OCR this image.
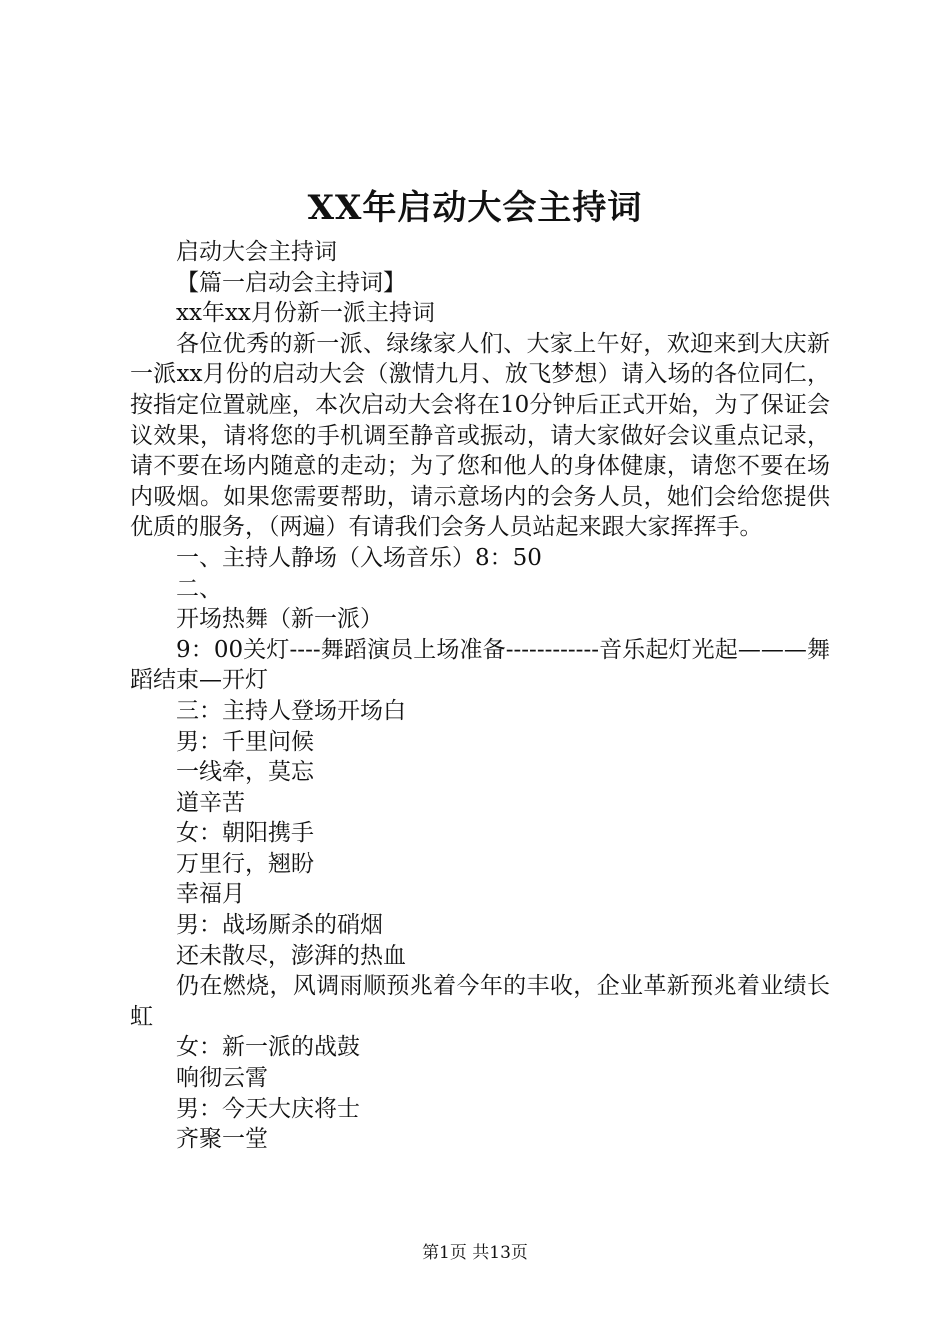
XX年启动大会主持词

启动大会主持词

【篇一启动会主持词】

xx年xx月份新一派主持词

各位优秀的新一派、绿缘家人们、大家上午好，欢迎来到大庆新一派xx月份的启动大会（激情九月、放飞梦想）请入场的各位同仁，按指定位置就座，本次启动大会将在10分钟后正式开始，为了保证会议效果，请将您的手机调至静音或振动，请大家做好会议重点记录，请不要在场内随意的走动；为了您和他人的身体健康，请您不要在场内吸烟。如果您需要帮助，请示意场内的会务人员，她们会给您提供优质的服务，（两遍）有请我们会务人员站起来跟大家挥挥手。

一、主持人静场（入场音乐）8：50

二、

开场热舞（新一派）

9：00关灯----舞蹈演员上场准备------------音乐起灯光起———舞蹈结束—开灯

三：主持人登场开场白

男：千里问候

一线牵，莫忘

道辛苦

女：朝阳携手

万里行，翘盼

幸福月

男：战场厮杀的硝烟

还未散尽，澎湃的热血

仍在燃烧，风调雨顺预兆着今年的丰收，企业革新预兆着业绩长虹

女：新一派的战鼓

响彻云霄

男：今天大庆将士

齐聚一堂

第1页 共13页
